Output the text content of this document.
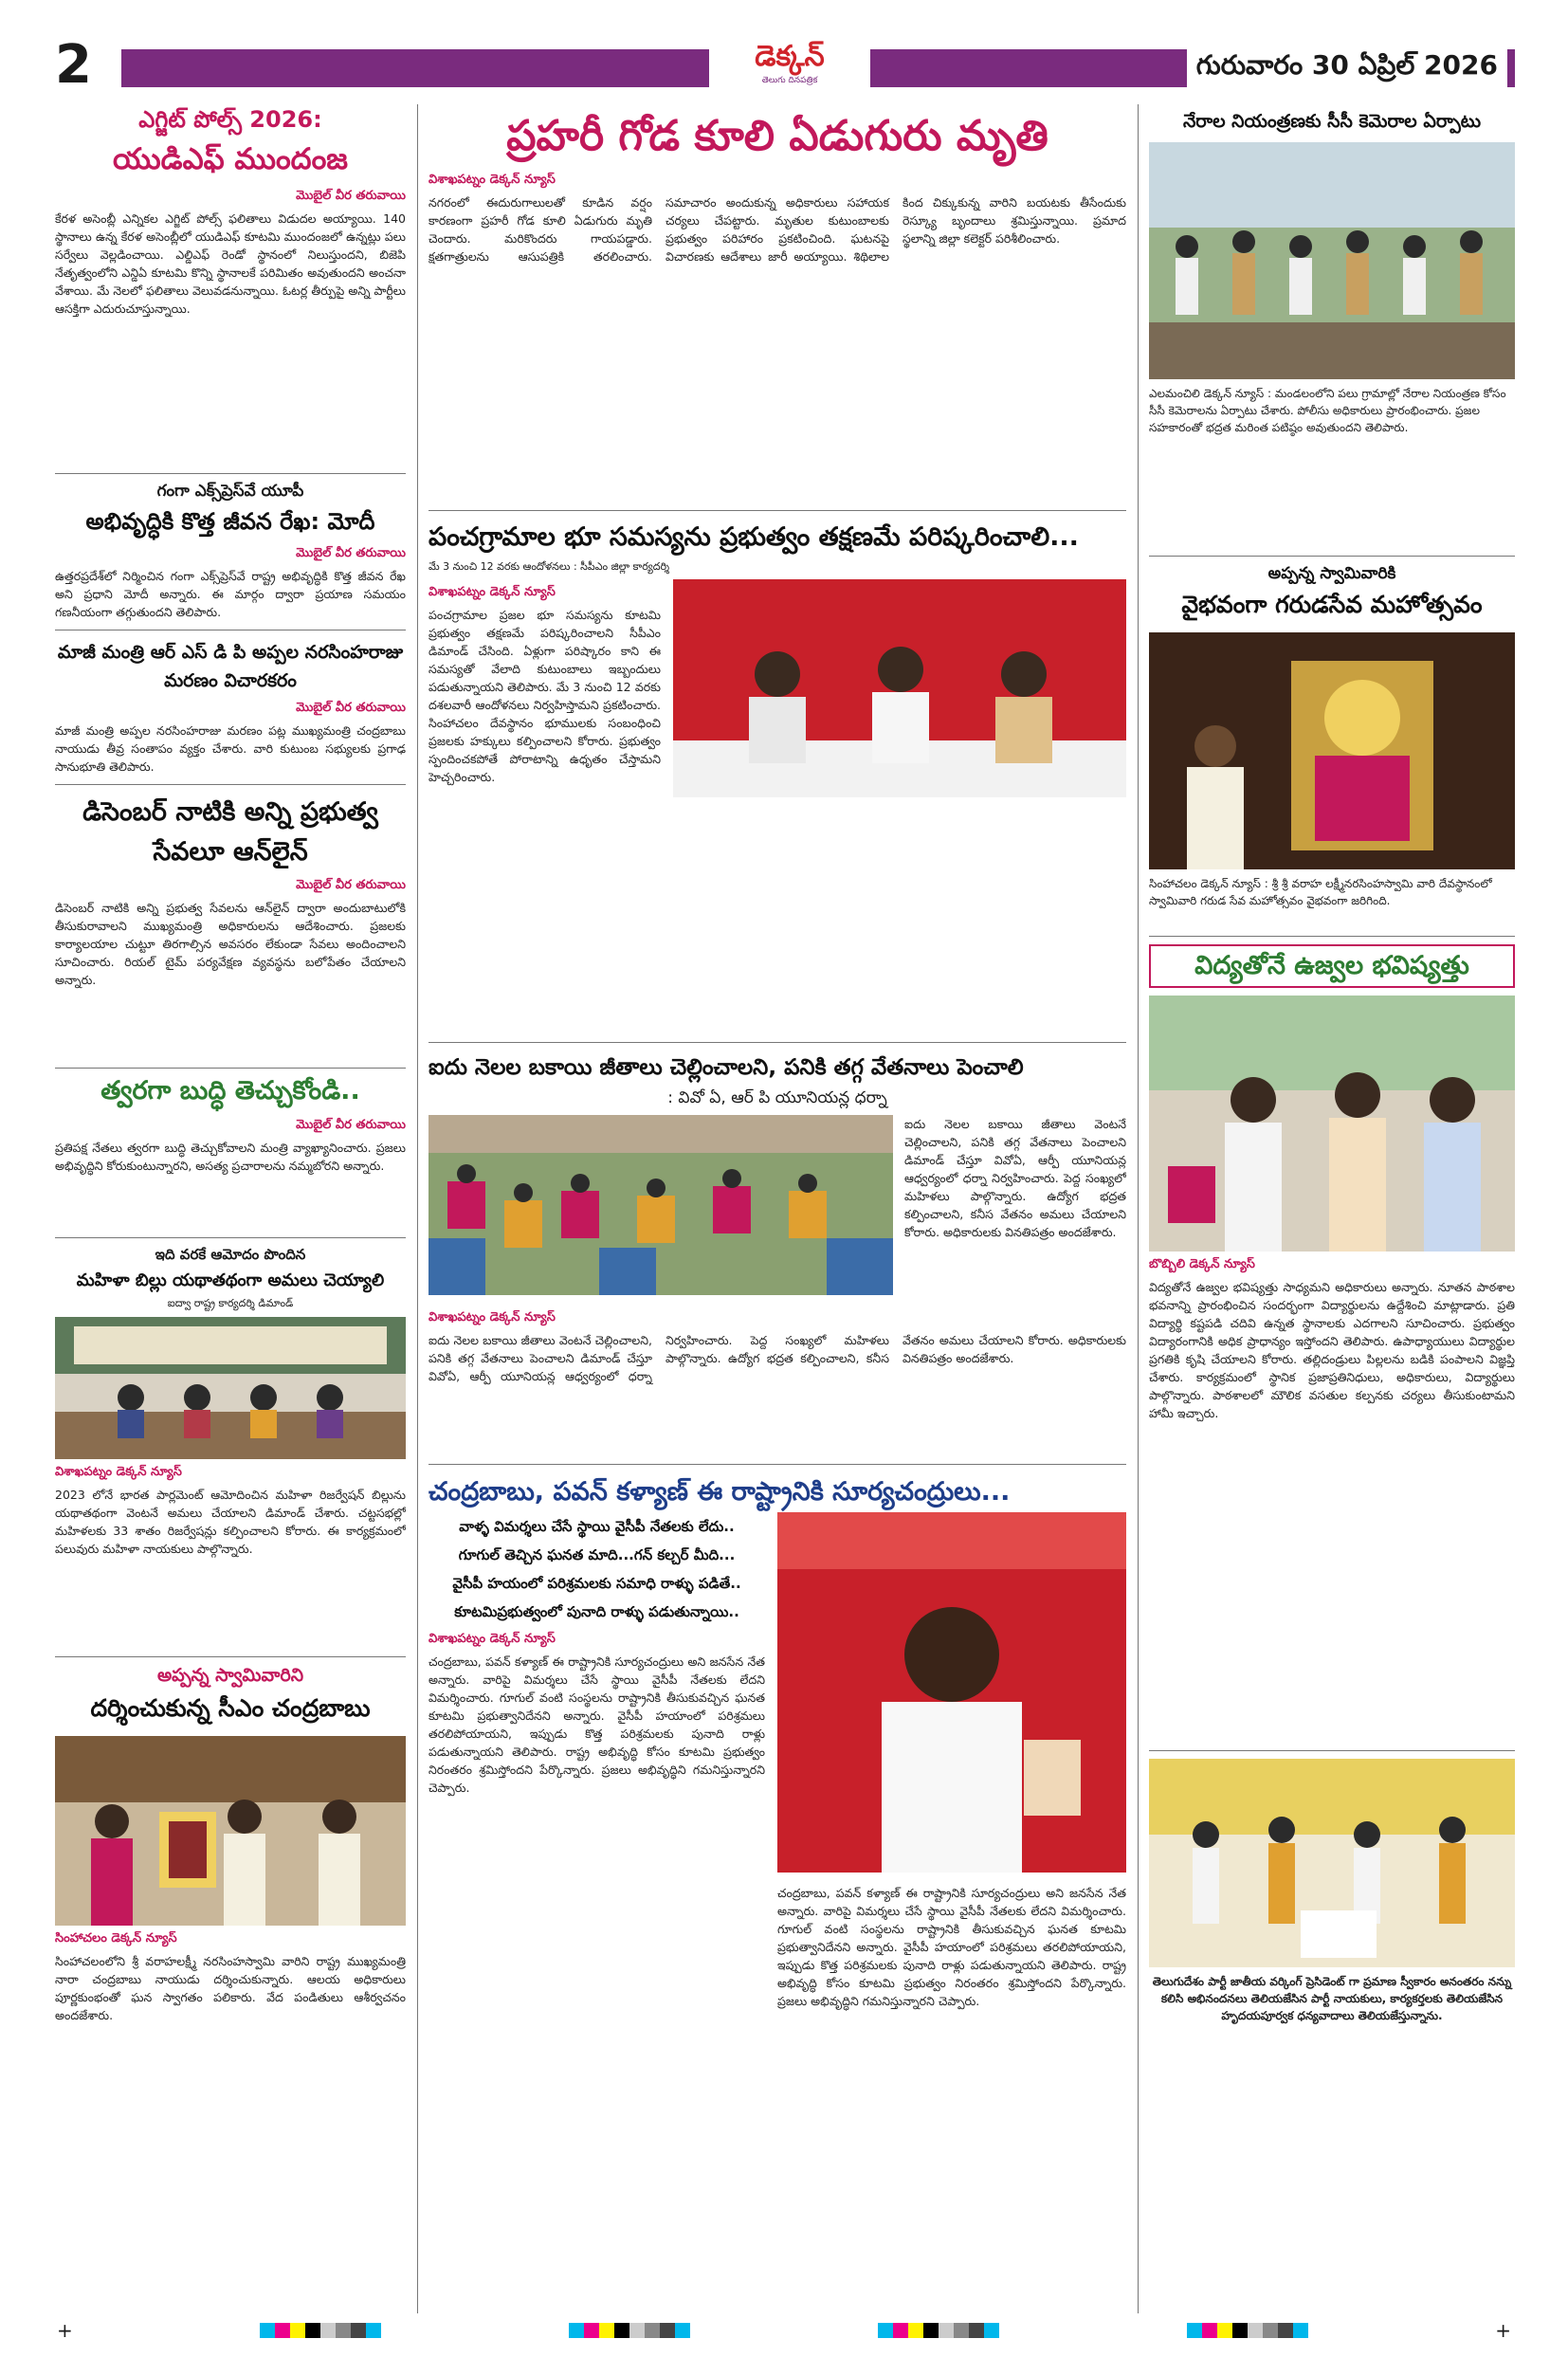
2	డెక్కన్
తెలుగు దినపత్రిక	గురువారం 30 ఏప్రిల్ 2026
ఎగ్జిట్ పోల్స్ 2026:
యుడిఎఫ్ ముందంజ
మొబైల్ వీర తరువాయి
కేరళ అసెంబ్లీ ఎన్నికల ఎగ్జిట్ పోల్స్ ఫలితాలు విడుదల అయ్యాయి. 140 స్థానాలు ఉన్న కేరళ అసెంబ్లీలో యుడిఎఫ్ కూటమి ముందంజలో ఉన్నట్లు పలు సర్వేలు వెల్లడించాయి. ఎల్డిఎఫ్ రెండో స్థానంలో నిలుస్తుందని, బిజెపి నేతృత్వంలోని ఎన్డిఏ కూటమి కొన్ని స్థానాలకే పరిమితం అవుతుందని అంచనా వేశాయి. మే నెలలో ఫలితాలు వెలువడనున్నాయి. ఓటర్ల తీర్పుపై అన్ని పార్టీలు ఆసక్తిగా ఎదురుచూస్తున్నాయి.
గంగా ఎక్స్‌ప్రెస్‌వే యూపీ
అభివృద్ధికి కొత్త జీవన రేఖ: మోదీ
మొబైల్ వీర తరువాయి
ఉత్తరప్రదేశ్‌లో నిర్మించిన గంగా ఎక్స్‌ప్రెస్‌వే రాష్ట్ర అభివృద్ధికి కొత్త జీవన రేఖ అని ప్రధాని మోదీ అన్నారు. ఈ మార్గం ద్వారా ప్రయాణ సమయం గణనీయంగా తగ్గుతుందని తెలిపారు.
మాజీ మంత్రి ఆర్ ఎస్ డి పి అప్పల నరసింహరాజు మరణం విచారకరం
మొబైల్ వీర తరువాయి
మాజీ మంత్రి అప్పల నరసింహరాజు మరణం పట్ల ముఖ్యమంత్రి చంద్రబాబు నాయుడు తీవ్ర సంతాపం వ్యక్తం చేశారు. వారి కుటుంబ సభ్యులకు ప్రగాఢ సానుభూతి తెలిపారు.
డిసెంబర్ నాటికి అన్ని ప్రభుత్వ సేవలూ ఆన్‌లైన్
మొబైల్ వీర తరువాయి
డిసెంబర్ నాటికి అన్ని ప్రభుత్వ సేవలను ఆన్‌లైన్ ద్వారా అందుబాటులోకి తీసుకురావాలని ముఖ్యమంత్రి అధికారులను ఆదేశించారు. ప్రజలకు కార్యాలయాల చుట్టూ తిరగాల్సిన అవసరం లేకుండా సేవలు అందించాలని సూచించారు. రియల్ టైమ్ పర్యవేక్షణ వ్యవస్థను బలోపేతం చేయాలని అన్నారు.
త్వరగా బుద్ధి తెచ్చుకోండి..
మొబైల్ వీర తరువాయి
ప్రతిపక్ష నేతలు త్వరగా బుద్ధి తెచ్చుకోవాలని మంత్రి వ్యాఖ్యానించారు. ప్రజలు అభివృద్ధిని కోరుకుంటున్నారని, అసత్య ప్రచారాలను నమ్మబోరని అన్నారు.
ఇది వరకే ఆమోదం పొందిన
మహిళా బిల్లు యథాతథంగా అమలు చెయ్యాలి
ఐద్వా రాష్ట్ర కార్యదర్శి డిమాండ్
విశాఖపట్నం డెక్కన్ న్యూస్
2023 లోనే భారత పార్లమెంట్ ఆమోదించిన మహిళా రిజర్వేషన్ బిల్లును యథాతథంగా వెంటనే అమలు చేయాలని డిమాండ్ చేశారు. చట్టసభల్లో మహిళలకు 33 శాతం రిజర్వేషన్లు కల్పించాలని కోరారు. ఈ కార్యక్రమంలో పలువురు మహిళా నాయకులు పాల్గొన్నారు.
అప్పన్న స్వామివారిని
దర్శించుకున్న సీఎం చంద్రబాబు
సింహాచలం డెక్కన్ న్యూస్
సింహాచలంలోని శ్రీ వరాహలక్ష్మీ నరసింహస్వామి వారిని రాష్ట్ర ముఖ్యమంత్రి నారా చంద్రబాబు నాయుడు దర్శించుకున్నారు. ఆలయ అధికారులు పూర్ణకుంభంతో ఘన స్వాగతం పలికారు. వేద పండితులు ఆశీర్వచనం అందజేశారు.
ప్రహరీ గోడ కూలి ఏడుగురు మృతి
విశాఖపట్నం డెక్కన్ న్యూస్
నగరంలో ఈదురుగాలులతో కూడిన వర్షం కారణంగా ప్రహరీ గోడ కూలి ఏడుగురు మృతి చెందారు. మరికొందరు గాయపడ్డారు. క్షతగాత్రులను ఆసుపత్రికి తరలించారు. సమాచారం అందుకున్న అధికారులు సహాయక చర్యలు చేపట్టారు. మృతుల కుటుంబాలకు ప్రభుత్వం పరిహారం ప్రకటించింది. ఘటనపై విచారణకు ఆదేశాలు జారీ అయ్యాయి. శిథిలాల కింద చిక్కుకున్న వారిని బయటకు తీసేందుకు రెస్క్యూ బృందాలు శ్రమిస్తున్నాయి. ప్రమాద స్థలాన్ని జిల్లా కలెక్టర్ పరిశీలించారు.
పంచగ్రామాల భూ సమస్యను ప్రభుత్వం తక్షణమే పరిష్కరించాలి...
మే 3 నుంచి 12 వరకు ఆందోళనలు : సీపీఎం జిల్లా కార్యదర్శి
విశాఖపట్నం డెక్కన్ న్యూస్
పంచగ్రామాల ప్రజల భూ సమస్యను కూటమి ప్రభుత్వం తక్షణమే పరిష్కరించాలని సీపీఎం డిమాండ్ చేసింది. ఏళ్లుగా పరిష్కారం కాని ఈ సమస్యతో వేలాది కుటుంబాలు ఇబ్బందులు పడుతున్నాయని తెలిపారు. మే 3 నుంచి 12 వరకు దశలవారీ ఆందోళనలు నిర్వహిస్తామని ప్రకటించారు. సింహాచలం దేవస్థానం భూములకు సంబంధించి ప్రజలకు హక్కులు కల్పించాలని కోరారు. ప్రభుత్వం స్పందించకపోతే పోరాటాన్ని ఉధృతం చేస్తామని హెచ్చరించారు.
ఐదు నెలల బకాయి జీతాలు చెల్లించాలని, పనికి తగ్గ వేతనాలు పెంచాలి
: వివో ఏ, ఆర్ పి యూనియన్ల ధర్నా
ఐదు నెలల బకాయి జీతాలు వెంటనే చెల్లించాలని, పనికి తగ్గ వేతనాలు పెంచాలని డిమాండ్ చేస్తూ వివోఏ, ఆర్పీ యూనియన్ల ఆధ్వర్యంలో ధర్నా నిర్వహించారు. పెద్ద సంఖ్యలో మహిళలు పాల్గొన్నారు. ఉద్యోగ భద్రత కల్పించాలని, కనీస వేతనం అమలు చేయాలని కోరారు. అధికారులకు వినతిపత్రం అందజేశారు.
విశాఖపట్నం డెక్కన్ న్యూస్
ఐదు నెలల బకాయి జీతాలు వెంటనే చెల్లించాలని, పనికి తగ్గ వేతనాలు పెంచాలని డిమాండ్ చేస్తూ వివోఏ, ఆర్పీ యూనియన్ల ఆధ్వర్యంలో ధర్నా నిర్వహించారు. పెద్ద సంఖ్యలో మహిళలు పాల్గొన్నారు. ఉద్యోగ భద్రత కల్పించాలని, కనీస వేతనం అమలు చేయాలని కోరారు. అధికారులకు వినతిపత్రం అందజేశారు.
చంద్రబాబు, పవన్ కళ్యాణ్ ఈ రాష్ట్రానికి సూర్యచంద్రులు...
వాళ్ళ విమర్శలు చేసే స్థాయి వైసీపీ నేతలకు లేదు..
గూగుల్ తెచ్చిన ఘనత మాది...గన్ కల్చర్ మీది...
వైసీపీ హయంలో పరిశ్రమలకు సమాధి రాళ్ళు పడితే..
కూటమిప్రభుత్వంలో పునాది రాళ్ళు పడుతున్నాయి..
విశాఖపట్నం డెక్కన్ న్యూస్
చంద్రబాబు, పవన్ కళ్యాణ్ ఈ రాష్ట్రానికి సూర్యచంద్రులు అని జనసేన నేత అన్నారు. వారిపై విమర్శలు చేసే స్థాయి వైసీపీ నేతలకు లేదని విమర్శించారు. గూగుల్ వంటి సంస్థలను రాష్ట్రానికి తీసుకువచ్చిన ఘనత కూటమి ప్రభుత్వానిదేనని అన్నారు. వైసీపీ హయాంలో పరిశ్రమలు తరలిపోయాయని, ఇప్పుడు కొత్త పరిశ్రమలకు పునాది రాళ్లు పడుతున్నాయని తెలిపారు. రాష్ట్ర అభివృద్ధి కోసం కూటమి ప్రభుత్వం నిరంతరం శ్రమిస్తోందని పేర్కొన్నారు. ప్రజలు అభివృద్ధిని గమనిస్తున్నారని చెప్పారు.
చంద్రబాబు, పవన్ కళ్యాణ్ ఈ రాష్ట్రానికి సూర్యచంద్రులు అని జనసేన నేత అన్నారు. వారిపై విమర్శలు చేసే స్థాయి వైసీపీ నేతలకు లేదని విమర్శించారు. గూగుల్ వంటి సంస్థలను రాష్ట్రానికి తీసుకువచ్చిన ఘనత కూటమి ప్రభుత్వానిదేనని అన్నారు. వైసీపీ హయాంలో పరిశ్రమలు తరలిపోయాయని, ఇప్పుడు కొత్త పరిశ్రమలకు పునాది రాళ్లు పడుతున్నాయని తెలిపారు. రాష్ట్ర అభివృద్ధి కోసం కూటమి ప్రభుత్వం నిరంతరం శ్రమిస్తోందని పేర్కొన్నారు. ప్రజలు అభివృద్ధిని గమనిస్తున్నారని చెప్పారు.
నేరాల నియంత్రణకు సీసీ కెమెరాల ఏర్పాటు
ఎలమంచిలి డెక్కన్ న్యూస్ : మండలంలోని పలు గ్రామాల్లో నేరాల నియంత్రణ కోసం సీసీ కెమెరాలను ఏర్పాటు చేశారు. పోలీసు అధికారులు ప్రారంభించారు. ప్రజల సహకారంతో భద్రత మరింత పటిష్ఠం అవుతుందని తెలిపారు.
అప్పన్న స్వామివారికి
వైభవంగా గరుడసేవ మహోత్సవం
సింహాచలం డెక్కన్ న్యూస్ : శ్రీ శ్రీ వరాహ లక్ష్మీనరసింహస్వామి వారి దేవస్థానంలో స్వామివారి గరుడ సేవ మహోత్సవం వైభవంగా జరిగింది.
విద్యతోనే ఉజ్వల భవిష్యత్తు
బొబ్బిలి డెక్కన్ న్యూస్
విద్యతోనే ఉజ్వల భవిష్యత్తు సాధ్యమని అధికారులు అన్నారు. నూతన పాఠశాల భవనాన్ని ప్రారంభించిన సందర్భంగా విద్యార్థులను ఉద్దేశించి మాట్లాడారు. ప్రతి విద్యార్థి కష్టపడి చదివి ఉన్నత స్థానాలకు ఎదగాలని సూచించారు. ప్రభుత్వం విద్యారంగానికి అధిక ప్రాధాన్యం ఇస్తోందని తెలిపారు. ఉపాధ్యాయులు విద్యార్థుల ప్రగతికి కృషి చేయాలని కోరారు. తల్లిదండ్రులు పిల్లలను బడికి పంపాలని విజ్ఞప్తి చేశారు. కార్యక్రమంలో స్థానిక ప్రజాప్రతినిధులు, అధికారులు, విద్యార్థులు పాల్గొన్నారు. పాఠశాలలో మౌలిక వసతుల కల్పనకు చర్యలు తీసుకుంటామని హామీ ఇచ్చారు.
తెలుగుదేశం పార్టీ జాతీయ వర్కింగ్ ప్రెసిడెంట్ గా ప్రమాణ స్వీకారం అనంతరం నన్ను కలిసి అభినందనలు తెలియజేసిన పార్టీ నాయకులు, కార్యకర్తలకు తెలియజేసిన హృదయపూర్వక ధన్యవాదాలు తెలియజేస్తున్నాను.
+	+
